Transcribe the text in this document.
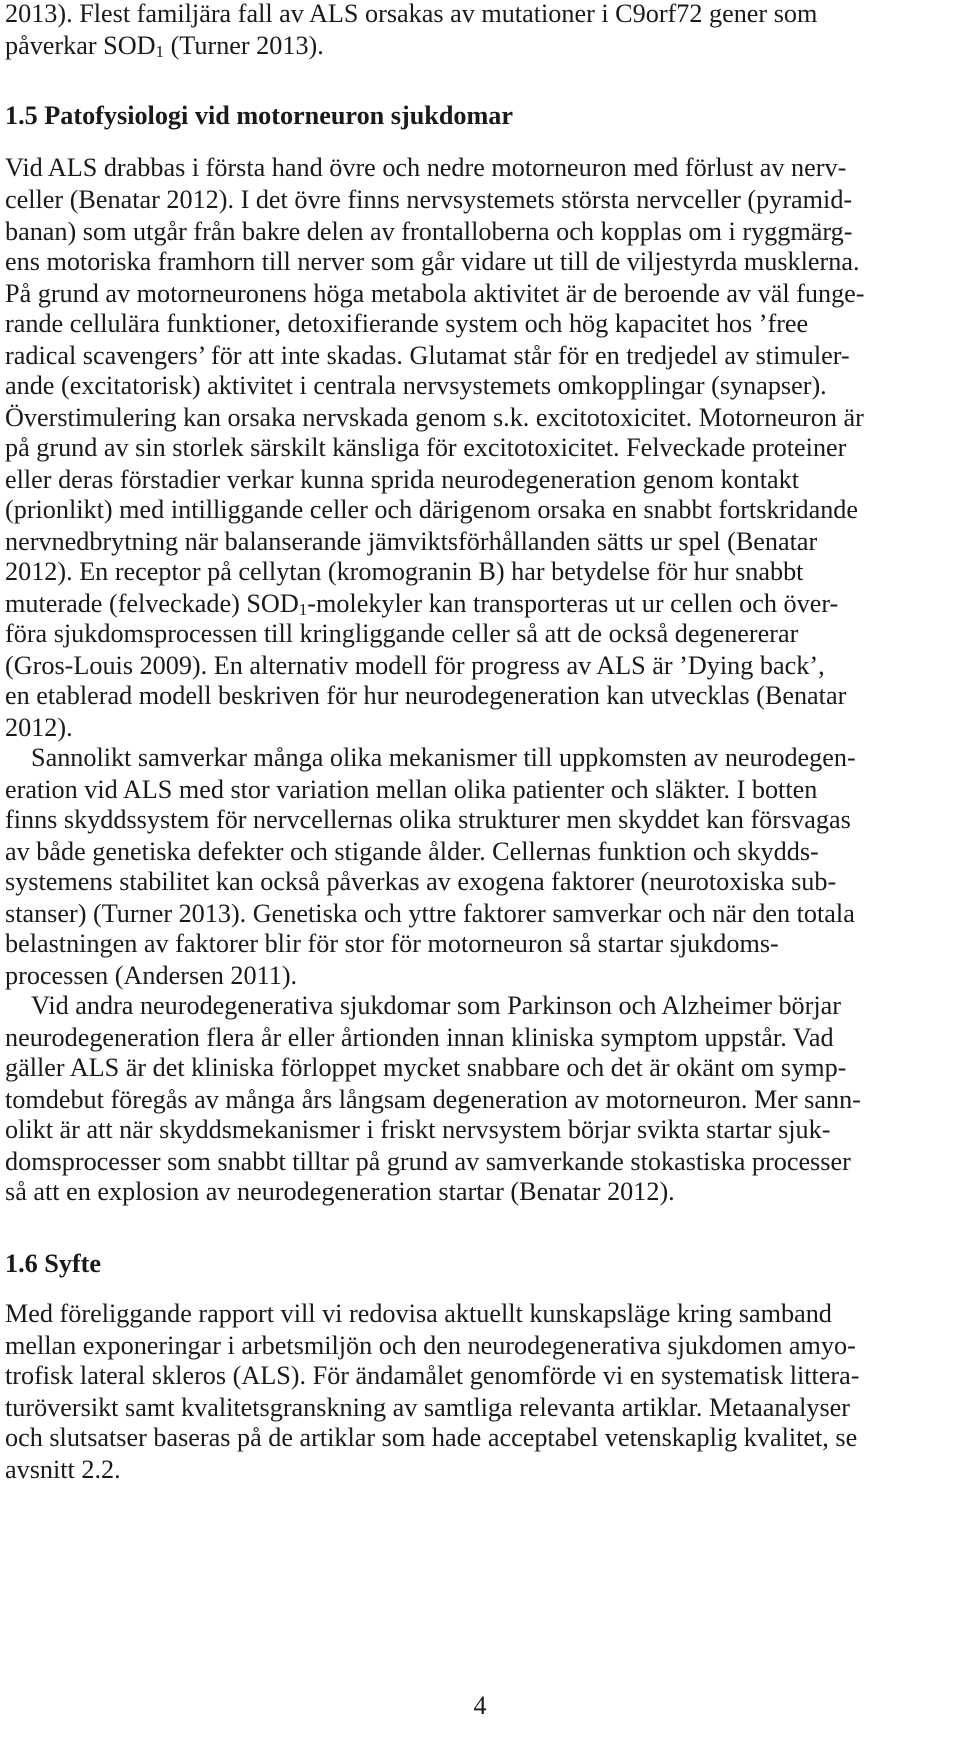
2013). Flest familjära fall av ALS orsakas av mutationer i C9orf72 gener som

påverkar SOD1 (Turner 2013).

1.5 Patofysiologi vid motorneuron sjukdomar

Vid ALS drabbas i första hand övre och nedre motorneuron med förlust av nerv-

celler (Benatar 2012). I det övre finns nervsystemets största nervceller (pyramid-

banan) som utgår från bakre delen av frontalloberna och kopplas om i ryggmärg-

ens motoriska framhorn till nerver som går vidare ut till de viljestyrda musklerna.

På grund av motorneuronens höga metabola aktivitet är de beroende av väl funge-

rande cellulära funktioner, detoxifierande system och hög kapacitet hos ’free

radical scavengers’ för att inte skadas. Glutamat står för en tredjedel av stimuler-

ande (excitatorisk) aktivitet i centrala nervsystemets omkopplingar (synapser).

Överstimulering kan orsaka nervskada genom s.k. excitotoxicitet. Motorneuron är

på grund av sin storlek särskilt känsliga för excitotoxicitet. Felveckade proteiner

eller deras förstadier verkar kunna sprida neurodegeneration genom kontakt

(prionlikt) med intilliggande celler och därigenom orsaka en snabbt fortskridande

nervnedbrytning när balanserande jämviktsförhållanden sätts ur spel (Benatar

2012). En receptor på cellytan (kromogranin B) har betydelse för hur snabbt

muterade (felveckade) SOD1-molekyler kan transporteras ut ur cellen och över-

föra sjukdomsprocessen till kringliggande celler så att de också degenererar

(Gros-Louis 2009). En alternativ modell för progress av ALS är ’Dying back’,

en etablerad modell beskriven för hur neurodegeneration kan utvecklas (Benatar

2012).

Sannolikt samverkar många olika mekanismer till uppkomsten av neurodegen-

eration vid ALS med stor variation mellan olika patienter och släkter. I botten

finns skyddssystem för nervcellernas olika strukturer men skyddet kan försvagas

av både genetiska defekter och stigande ålder. Cellernas funktion och skydds-

systemens stabilitet kan också påverkas av exogena faktorer (neurotoxiska sub-

stanser) (Turner 2013). Genetiska och yttre faktorer samverkar och när den totala

belastningen av faktorer blir för stor för motorneuron så startar sjukdoms-

processen (Andersen 2011).

Vid andra neurodegenerativa sjukdomar som Parkinson och Alzheimer börjar

neurodegeneration flera år eller årtionden innan kliniska symptom uppstår. Vad

gäller ALS är det kliniska förloppet mycket snabbare och det är okänt om symp-

tomdebut föregås av många års långsam degeneration av motorneuron. Mer sann-

olikt är att när skyddsmekanismer i friskt nervsystem börjar svikta startar sjuk-

domsprocesser som snabbt tilltar på grund av samverkande stokastiska processer

så att en explosion av neurodegeneration startar (Benatar 2012).

1.6 Syfte

Med föreliggande rapport vill vi redovisa aktuellt kunskapsläge kring samband

mellan exponeringar i arbetsmiljön och den neurodegenerativa sjukdomen amyo-

trofisk lateral skleros (ALS). För ändamålet genomförde vi en systematisk littera-

turöversikt samt kvalitetsgranskning av samtliga relevanta artiklar. Metaanalyser

och slutsatser baseras på de artiklar som hade acceptabel vetenskaplig kvalitet, se

avsnitt 2.2.

4
